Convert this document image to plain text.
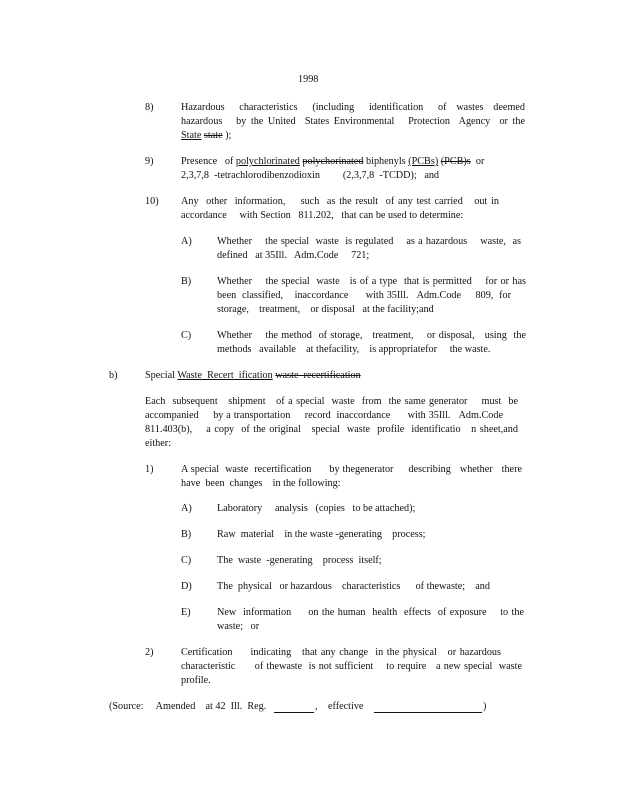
1998
8)	Hazardous   characteristics   (including   identification   of  wastes  deemed
hazardous   by the United  States Environmental   Protection  Agency  or the
State state );
9)	Presence   of polychlorinated polychorinated biphenyls (PCBs) (PCB)s  or
2,3,7,8  -tetrachlorodibenzodioxin         (2,3,7,8  -TCDD);   and
10) Any  other  information,    such  as the result  of any test carried   out in
accordance     with Section   811.202,   that can be used to determine:
A) Whether    the special  waste  is regulated    as a hazardous    waste,  as
defined   at 35Ill.   Adm.Code     721;
B)	Whether    the special  waste   is of a type  that is permitted    for or has
been  classified,    inaccordance      with 35Ill.   Adm.Code     809,  for
storage,    treatment,    or disposal   at the facility;and
C)	Whether    the method  of storage,   treatment,    or disposal,   using  the
methods   available    at thefacility,    is appropriatefor     the waste.
b)	Special Waste  Recert  ification waste  recertification
Each  subsequent   shipment   of a special  waste  from  the same generator    must  be
accompanied     by a transportation     record  inaccordance      with 35Ill.   Adm.Code
811.403(b),    a copy  of the original   special  waste  profile  identificatio   n sheet,and
either:
1)	A special  waste  recertification      by thegenerator     describing   whether   there
have  been  changes    in the following:
A) Laboratory     analysis   (copies   to be attached);
B)	Raw  material    in the waste -generating    process;
C)	The  waste  -generating    process  itself;
D) The  physical   or hazardous    characteristics      of thewaste;    and
E)	New  information     on the human  health  effects  of exposure    to the
waste;   or
2)	Certification     indicating   that any change  in the physical   or hazardous
characteristic      of thewaste  is not sufficient    to require   a new special  waste
profile.
(Source:     Amended    at 42  Ill.  Reg.	, effective	)
